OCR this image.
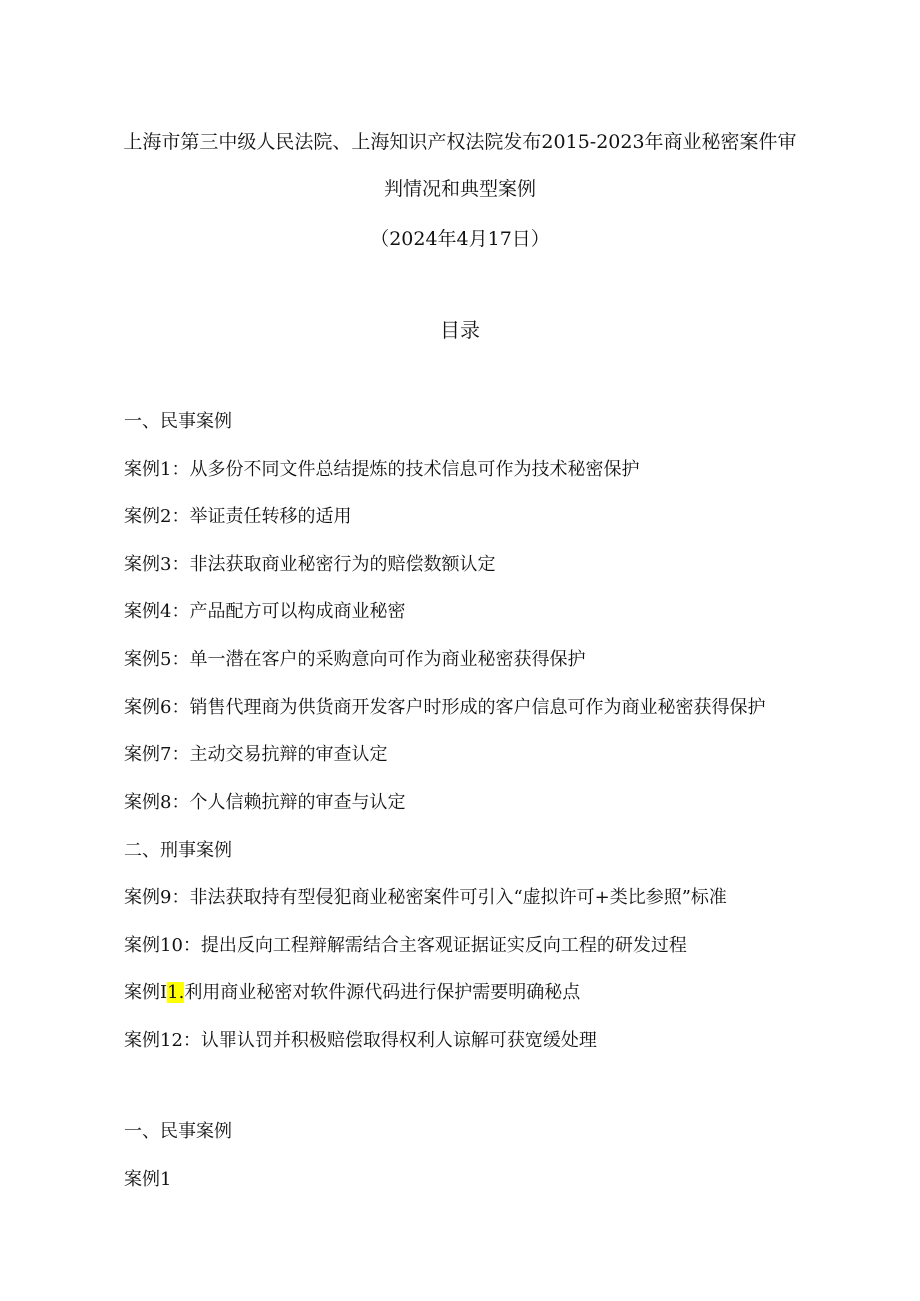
上海市第三中级人民法院、上海知识产权法院发布2015-2023年商业秘密案件审
判情况和典型案例

（2024年4月17日）

目录

一、民事案例

案例1：从多份不同文件总结提炼的技术信息可作为技术秘密保护

案例2：举证责任转移的适用

案例3：非法获取商业秘密行为的赔偿数额认定

案例4：产品配方可以构成商业秘密

案例5：单一潜在客户的采购意向可作为商业秘密获得保护

案例6：销售代理商为供货商开发客户时形成的客户信息可作为商业秘密获得保护

案例7：主动交易抗辩的审查认定

案例8：个人信赖抗辩的审查与认定

二、刑事案例

案例9：非法获取持有型侵犯商业秘密案件可引入“虚拟许可+类比参照”标准

案例10：提出反向工程辩解需结合主客观证据证实反向工程的研发过程

案例I1.利用商业秘密对软件源代码进行保护需要明确秘点

案例12：认罪认罚并积极赔偿取得权利人谅解可获宽缓处理

一、民事案例

案例1
